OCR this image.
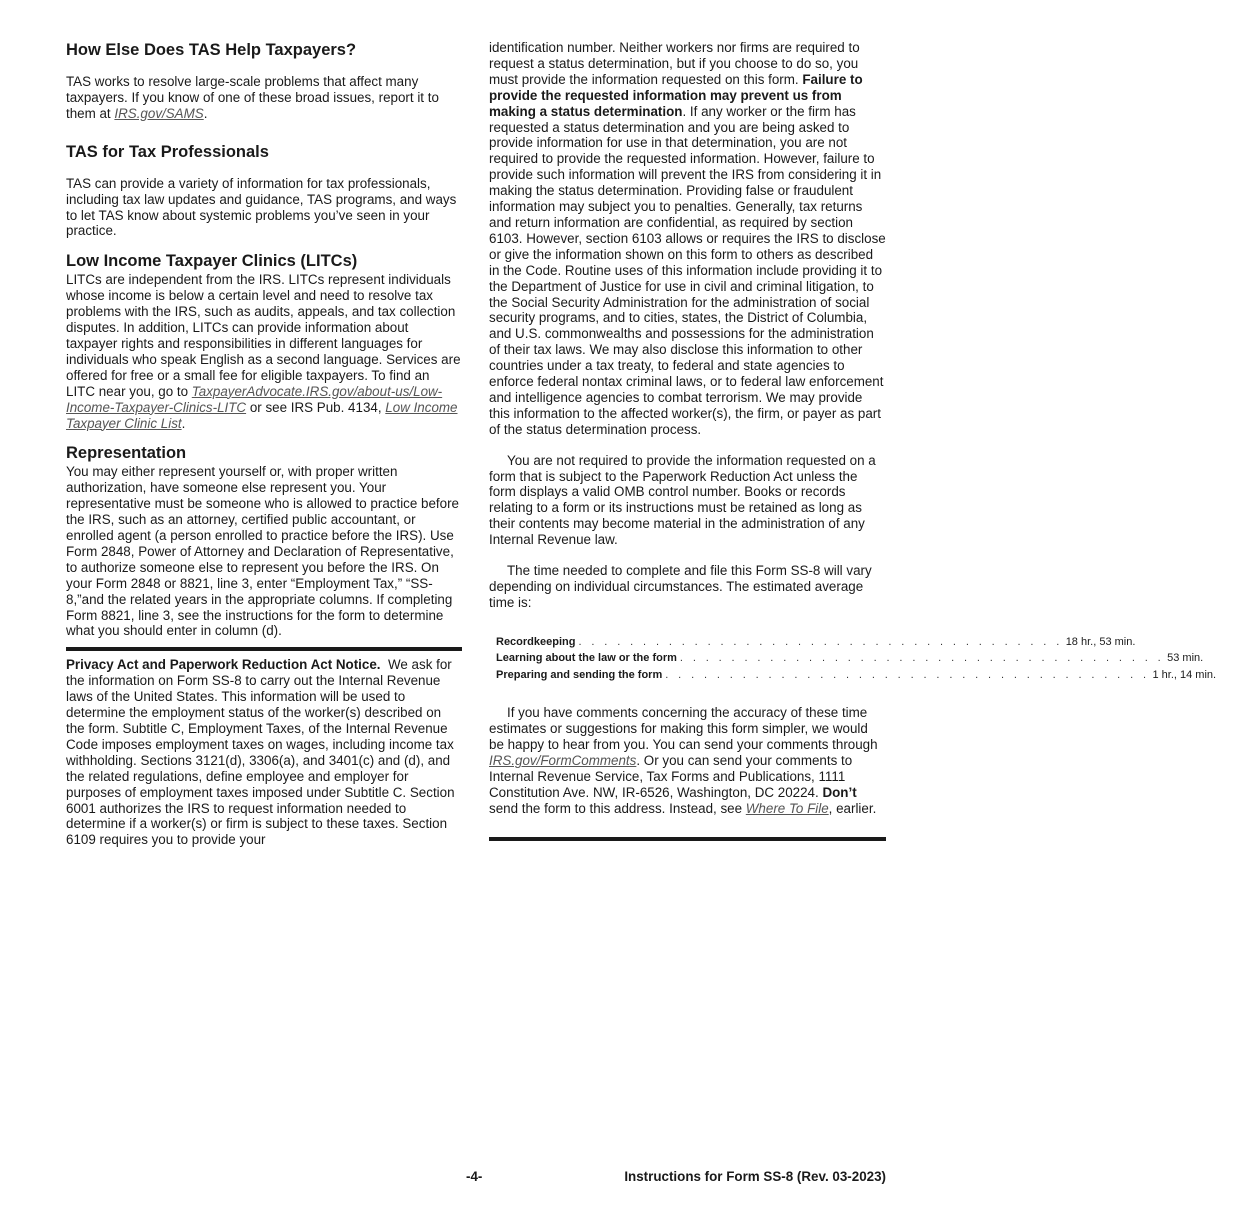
How Else Does TAS Help Taxpayers?

TAS works to resolve large-scale problems that affect many taxpayers. If you know of one of these broad issues, report it to them at IRS.gov/SAMS.

TAS for Tax Professionals

TAS can provide a variety of information for tax professionals, including tax law updates and guidance, TAS programs, and ways to let TAS know about systemic problems you’ve seen in your practice.

Low Income Taxpayer Clinics (LITCs)

LITCs are independent from the IRS. LITCs represent individuals whose income is below a certain level and need to resolve tax problems with the IRS, such as audits, appeals, and tax collection disputes. In addition, LITCs can provide information about taxpayer rights and responsibilities in different languages for individuals who speak English as a second language. Services are offered for free or a small fee for eligible taxpayers. To find an LITC near you, go to TaxpayerAdvocate.IRS.gov/about-us/Low-Income-Taxpayer-Clinics-LITC or see IRS Pub. 4134, Low Income Taxpayer Clinic List.

Representation

You may either represent yourself or, with proper written authorization, have someone else represent you. Your representative must be someone who is allowed to practice before the IRS, such as an attorney, certified public accountant, or enrolled agent (a person enrolled to practice before the IRS). Use Form 2848, Power of Attorney and Declaration of Representative, to authorize someone else to represent you before the IRS. On your Form 2848 or 8821, line 3, enter “Employment Tax,” “SS-8,”and the related years in the appropriate columns. If completing Form 8821, line 3, see the instructions for the form to determine what you should enter in column (d).

Privacy Act and Paperwork Reduction Act Notice. We ask for the information on Form SS-8 to carry out the Internal Revenue laws of the United States. This information will be used to determine the employment status of the worker(s) described on the form. Subtitle C, Employment Taxes, of the Internal Revenue Code imposes employment taxes on wages, including income tax withholding. Sections 3121(d), 3306(a), and 3401(c) and (d), and the related regulations, define employee and employer for purposes of employment taxes imposed under Subtitle C. Section 6001 authorizes the IRS to request information needed to determine if a worker(s) or firm is subject to these taxes. Section 6109 requires you to provide your

identification number. Neither workers nor firms are required to request a status determination, but if you choose to do so, you must provide the information requested on this form. Failure to provide the requested information may prevent us from making a status determination. If any worker or the firm has requested a status determination and you are being asked to provide information for use in that determination, you are not required to provide the requested information. However, failure to provide such information will prevent the IRS from considering it in making the status determination. Providing false or fraudulent information may subject you to penalties. Generally, tax returns and return information are confidential, as required by section 6103. However, section 6103 allows or requires the IRS to disclose or give the information shown on this form to others as described in the Code. Routine uses of this information include providing it to the Department of Justice for use in civil and criminal litigation, to the Social Security Administration for the administration of social security programs, and to cities, states, the District of Columbia, and U.S. commonwealths and possessions for the administration of their tax laws. We may also disclose this information to other countries under a tax treaty, to federal and state agencies to enforce federal nontax criminal laws, or to federal law enforcement and intelligence agencies to combat terrorism. We may provide this information to the affected worker(s), the firm, or payer as part of the status determination process.

You are not required to provide the information requested on a form that is subject to the Paperwork Reduction Act unless the form displays a valid OMB control number. Books or records relating to a form or its instructions must be retained as long as their contents may become material in the administration of any Internal Revenue law.

The time needed to complete and file this Form SS-8 will vary depending on individual circumstances. The estimated average time is:

Recordkeeping . . . . . . . . . . . . . . . . . . . . . . . . . . . . . . . . . . . . . . 18 hr., 53 min.
Learning about the law or the form . . . . . . . . . . . . . . . . . . . . . . . . . . . . . . . . . . . . . . 53 min.
Preparing and sending the form . . . . . . . . . . . . . . . . . . . . . . . . . . . . . . . . . . . . . . 1 hr., 14 min.

If you have comments concerning the accuracy of these time estimates or suggestions for making this form simpler, we would be happy to hear from you. You can send your comments through IRS.gov/FormComments. Or you can send your comments to Internal Revenue Service, Tax Forms and Publications, 1111 Constitution Ave. NW, IR-6526, Washington, DC 20224. Don’t send the form to this address. Instead, see Where To File, earlier.

-4-	Instructions for Form SS-8 (Rev. 03-2023)
